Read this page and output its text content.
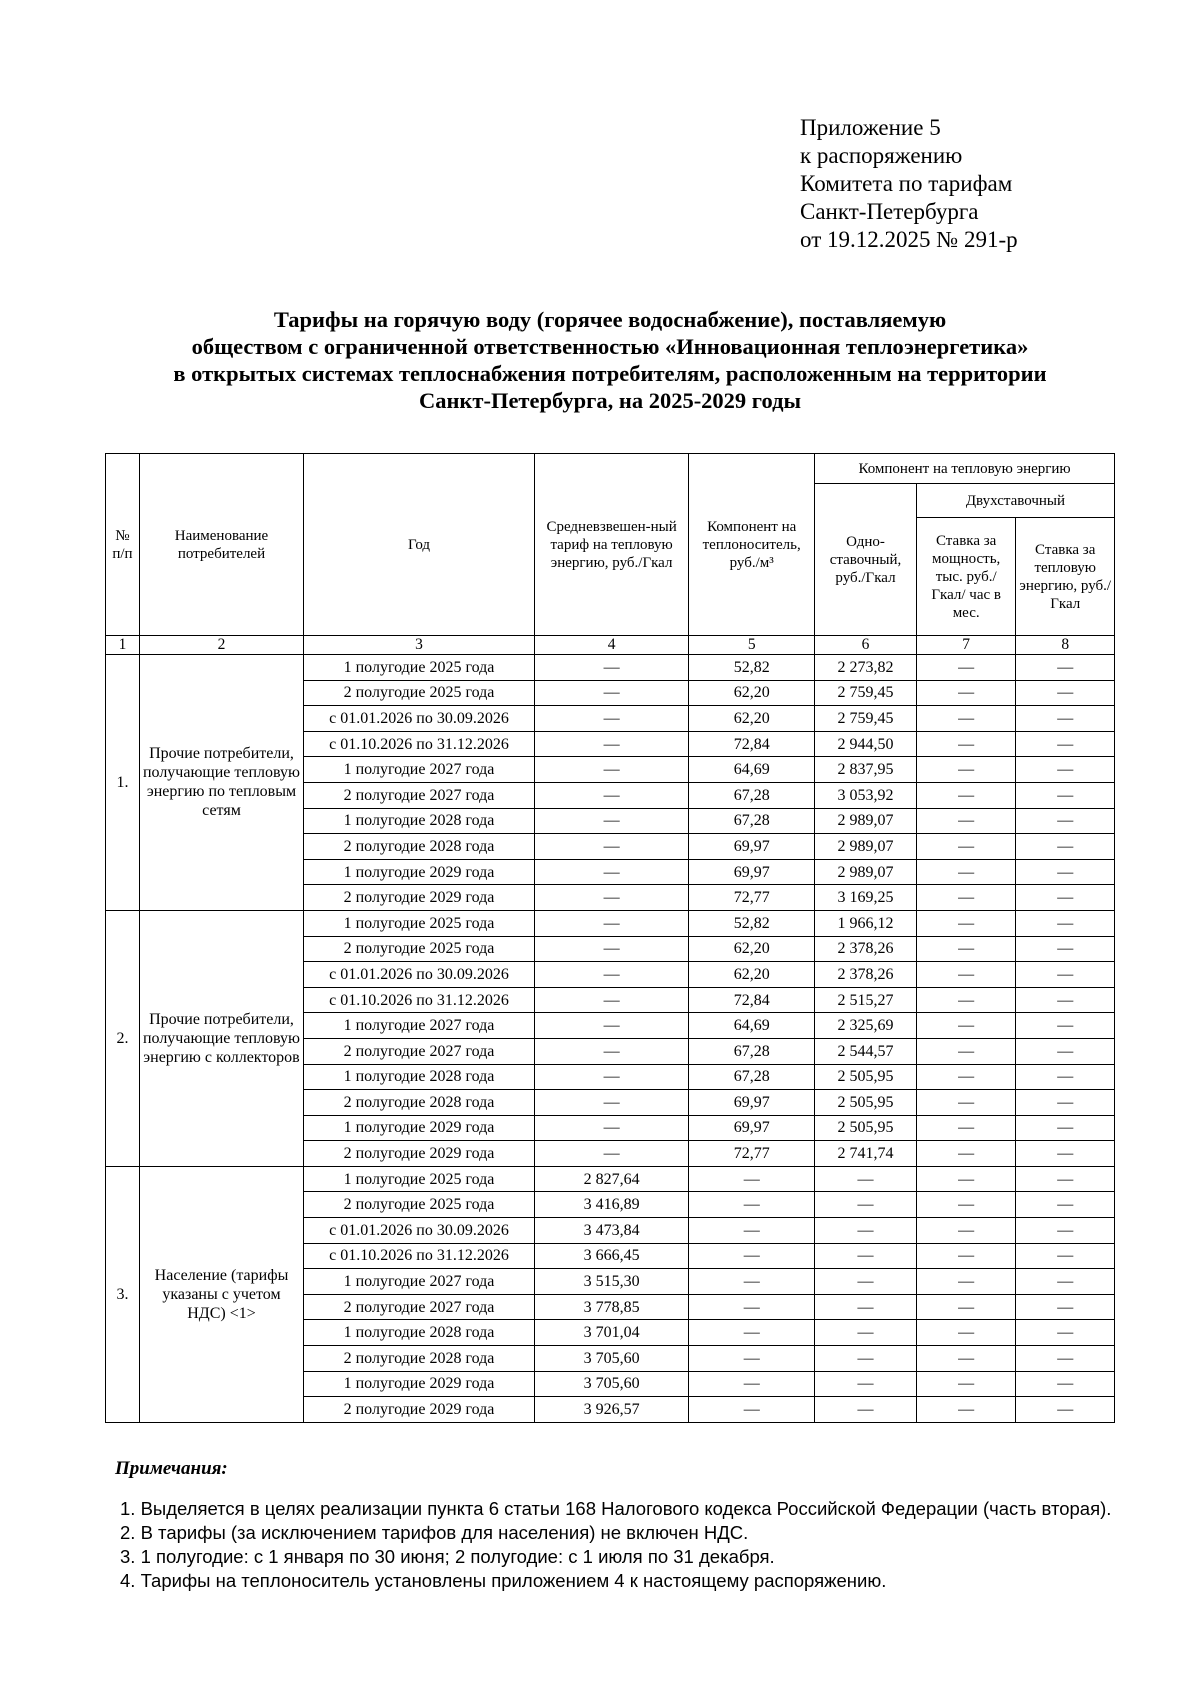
Приложение 5
к распоряжению
Комитета по тарифам
Санкт-Петербурга
от 19.12.2025 № 291-р
Тарифы на горячую воду (горячее водоснабжение), поставляемую
обществом с ограниченной ответственностью «Инновационная теплоэнергетика»
в открытых системах теплоснабжения потребителям, расположенным на территории
Санкт-Петербурга, на 2025-2029 годы
№ п/п	Наименование потребителей	Год	Средневзвешен-ный тариф на тепловую энергию, руб./Гкал	Компонент на теплоноситель, руб./м³	Компонент на тепловую энергию		
					Одно-ставочный, руб./Гкал	Двухставочный	
						Ставка за мощность, тыс. руб./Гкал/ час в мес.	Ставка за тепловую энергию, руб./Гкал
1	2	3	4	5	6	7	8
1.	Прочие потребители, получающие тепловую энергию по тепловым сетям	1 полугодие 2025 года	—	52,82	2 273,82	—	—
		2 полугодие 2025 года	—	62,20	2 759,45	—	—
		с 01.01.2026 по 30.09.2026	—	62,20	2 759,45	—	—
		с 01.10.2026 по 31.12.2026	—	72,84	2 944,50	—	—
		1 полугодие 2027 года	—	64,69	2 837,95	—	—
		2 полугодие 2027 года	—	67,28	3 053,92	—	—
		1 полугодие 2028 года	—	67,28	2 989,07	—	—
		2 полугодие 2028 года	—	69,97	2 989,07	—	—
		1 полугодие 2029 года	—	69,97	2 989,07	—	—
		2 полугодие 2029 года	—	72,77	3 169,25	—	—
2.	Прочие потребители, получающие тепловую энергию с коллекторов	1 полугодие 2025 года	—	52,82	1 966,12	—	—
		2 полугодие 2025 года	—	62,20	2 378,26	—	—
		с 01.01.2026 по 30.09.2026	—	62,20	2 378,26	—	—
		с 01.10.2026 по 31.12.2026	—	72,84	2 515,27	—	—
		1 полугодие 2027 года	—	64,69	2 325,69	—	—
		2 полугодие 2027 года	—	67,28	2 544,57	—	—
		1 полугодие 2028 года	—	67,28	2 505,95	—	—
		2 полугодие 2028 года	—	69,97	2 505,95	—	—
		1 полугодие 2029 года	—	69,97	2 505,95	—	—
		2 полугодие 2029 года	—	72,77	2 741,74	—	—
3.	Население (тарифы указаны с учетом НДС) <1>	1 полугодие 2025 года	2 827,64	—	—	—	—
		2 полугодие 2025 года	3 416,89	—	—	—	—
		с 01.01.2026 по 30.09.2026	3 473,84	—	—	—	—
		с 01.10.2026 по 31.12.2026	3 666,45	—	—	—	—
		1 полугодие 2027 года	3 515,30	—	—	—	—
		2 полугодие 2027 года	3 778,85	—	—	—	—
		1 полугодие 2028 года	3 701,04	—	—	—	—
		2 полугодие 2028 года	3 705,60	—	—	—	—
		1 полугодие 2029 года	3 705,60	—	—	—	—
		2 полугодие 2029 года	3 926,57	—	—	—	—
Примечания:
1. Выделяется в целях реализации пункта 6 статьи 168 Налогового кодекса Российской Федерации (часть вторая).
2. В тарифы (за исключением тарифов для населения) не включен НДС.
3. 1 полугодие: с 1 января по 30 июня; 2 полугодие: с 1 июля по 31 декабря.
4. Тарифы на теплоноситель установлены приложением 4 к настоящему распоряжению.
